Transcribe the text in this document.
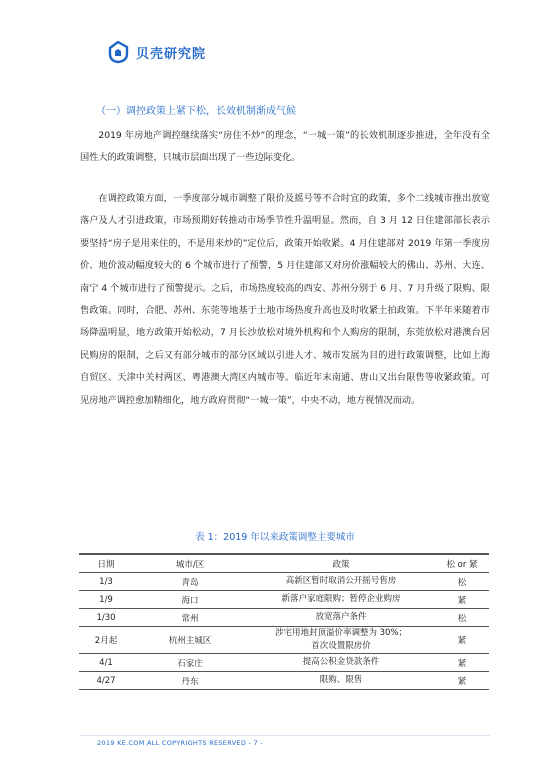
贝壳研究院
（一）调控政策上紧下松，长效机制渐成气候

2019 年房地产调控继续落实“房住不炒”的理念，“一城一策”的长效机制逐步推进，全年没有全国性大的政策调整，只城市层面出现了一些边际变化。

在调控政策方面，一季度部分城市调整了限价及摇号等不合时宜的政策，多个二线城市推出放宽落户及人才引进政策，市场预期好转推动市场季节性升温明显。然而，自 3 月 12 日住建部部长表示要坚持“房子是用来住的，不是用来炒的”定位后，政策开始收紧。4 月住建部对 2019 年第一季度房价、地价波动幅度较大的 6 个城市进行了预警，5 月住建部又对房价涨幅较大的佛山、苏州、大连、南宁 4 个城市进行了预警提示。之后，市场热度较高的西安、苏州分别于 6 月、7 月升级了限购、限售政策。同时，合肥、苏州、东莞等地基于土地市场热度升高也及时收紧土拍政策。下半年来随着市场降温明显，地方政策开始松动，7 月长沙放松对境外机构和个人购房的限制，东莞放松对港澳台居民购房的限制，之后又有部分城市的部分区域以引进人才、城市发展为目的进行政策调整，比如上海自贸区、天津中关村两区、粤港澳大湾区内城市等。临近年末南通、唐山又出台限售等收紧政策。可见房地产调控愈加精细化，地方政府贯彻“一城一策”，中央不动，地方视情况而动。

表 1：2019 年以来政策调整主要城市
日期	城市/区	政策	松 or 紧
1/3	青岛	高新区暂时取消公开摇号售房	松
1/9	海口	新落户家庭限购；暂停企业购房	紧
1/30	常州	放宽落户条件	松
2月起	杭州主城区	涉宅用地封顶溢价率调整为 30%；
首次设置限房价	紧
4/1	石家庄	提高公积金贷款条件	紧
4/27	丹东	限购、限售	紧
2019 KE.COM ALL COPYRIGHTS RESERVED - 7 -
